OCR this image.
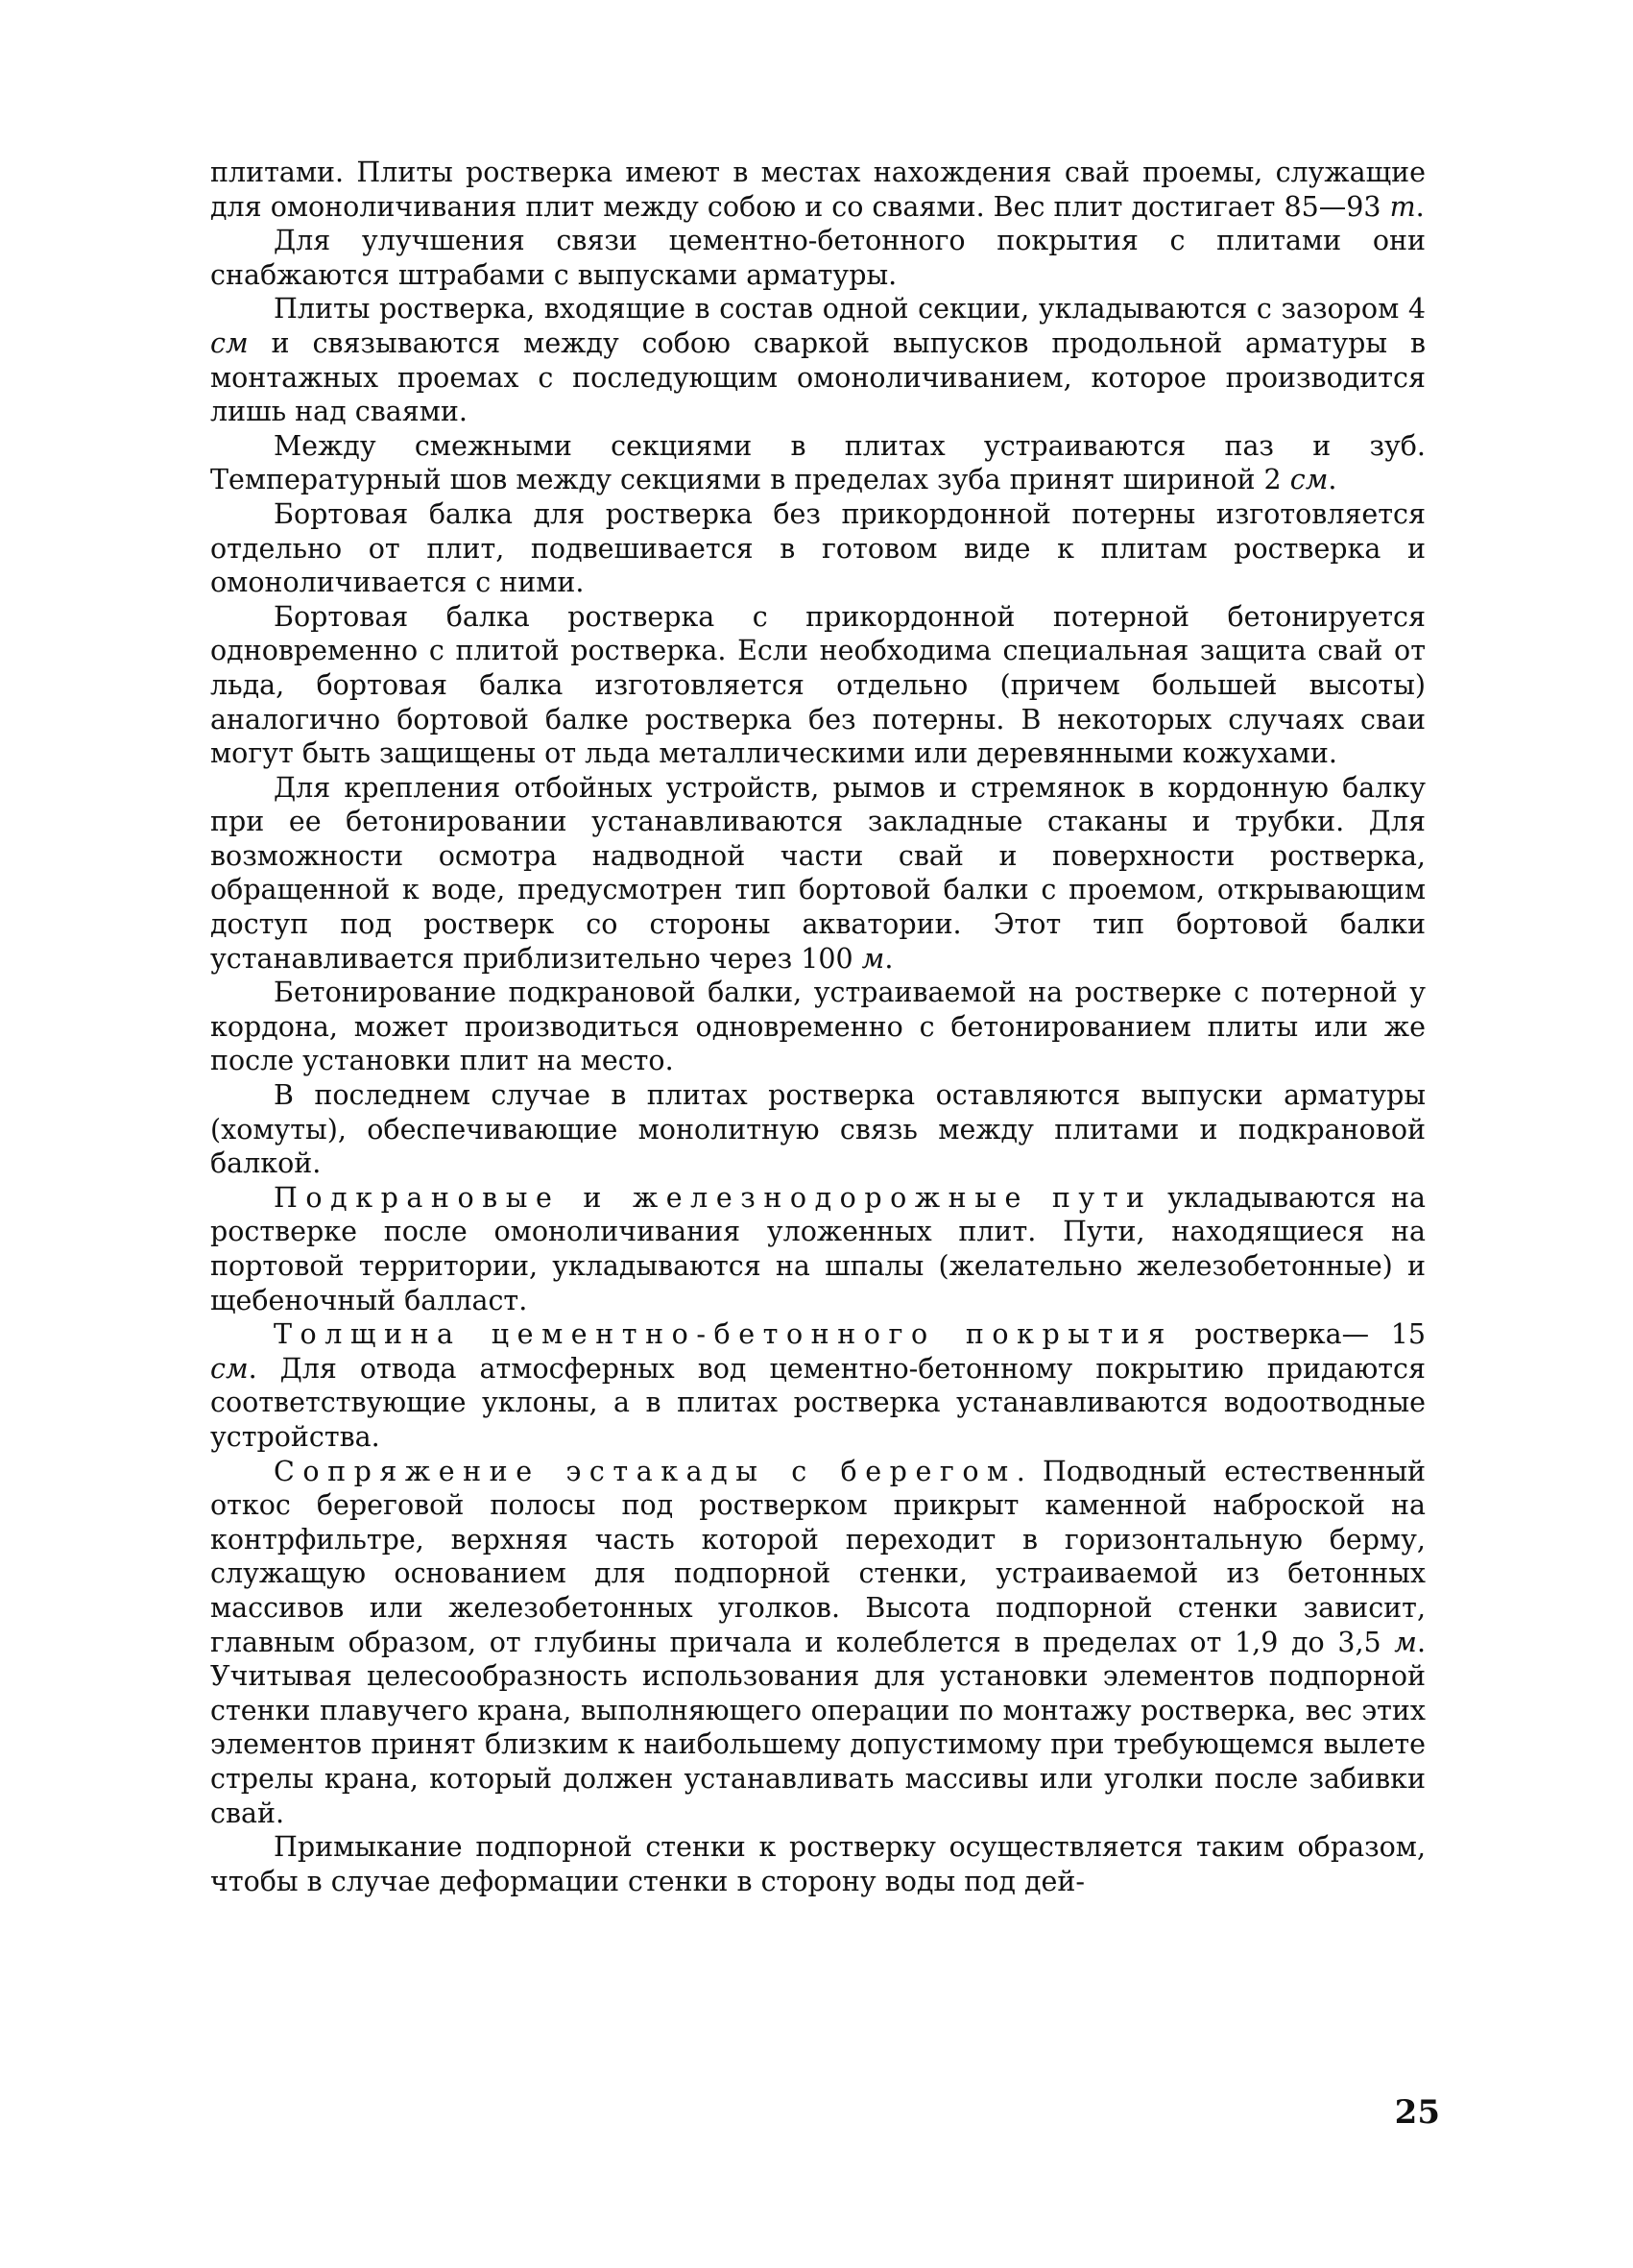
плитами. Плиты ростверка имеют в местах нахождения свай проемы, служащие для омоноличивания плит между собою и со сваями. Вес плит достигает 85—93 т.

Для улучшения связи цементно-бетонного покрытия с плитами они снабжаются штрабами с выпусками арматуры.

Плиты ростверка, входящие в состав одной секции, укладываются с зазором 4 см и связываются между собою сваркой выпусков продольной арматуры в монтажных проемах с последующим омоноличиванием, которое производится лишь над сваями.

Между смежными секциями в плитах устраиваются паз и зуб. Температурный шов между секциями в пределах зуба принят шириной 2 см.

Бортовая балка для ростверка без прикордонной потерны изготовляется отдельно от плит, подвешивается в готовом виде к плитам ростверка и омоноличивается с ними.

Бортовая балка ростверка с прикордонной потерной бетонируется одновременно с плитой ростверка. Если необходима специальная защита свай от льда, бортовая балка изготовляется отдельно (причем большей высоты) аналогично бортовой балке ростверка без потерны. В некоторых случаях сваи могут быть защищены от льда металлическими или деревянными кожухами.

Для крепления отбойных устройств, рымов и стремянок в кордонную балку при ее бетонировании устанавливаются закладные стаканы и трубки. Для возможности осмотра надводной части свай и поверхности ростверка, обращенной к воде, предусмотрен тип бортовой балки с проемом, открывающим доступ под ростверк со стороны акватории. Этот тип бортовой балки устанавливается приблизительно через 100 м.

Бетонирование подкрановой балки, устраиваемой на ростверке с потерной у кордона, может производиться одновременно с бетонированием плиты или же после установки плит на место.

В последнем случае в плитах ростверка оставляются выпуски арматуры (хомуты), обеспечивающие монолитную связь между плитами и подкрановой балкой.

Подкрановые и железнодорожные пути укладываются на ростверке после омоноличивания уложенных плит. Пути, находящиеся на портовой территории, укладываются на шпалы (желательно железобетонные) и щебеночный балласт.

Толщина цементно-бетонного покрытия ростверка— 15 см. Для отвода атмосферных вод цементно-бетонному покрытию придаются соответствующие уклоны, а в плитах ростверка устанавливаются водоотводные устройства.

Сопряжение эстакады с берегом. Подводный естественный откос береговой полосы под ростверком прикрыт каменной наброской на контрфильтре, верхняя часть которой переходит в горизонтальную берму, служащую основанием для подпорной стенки, устраиваемой из бетонных массивов или железобетонных уголков. Высота подпорной стенки зависит, главным образом, от глубины причала и колеблется в пределах от 1,9 до 3,5 м. Учитывая целесообразность использования для установки элементов подпорной стенки плавучего крана, выполняющего операции по монтажу ростверка, вес этих элементов принят близким к наибольшему допустимому при требующемся вылете стрелы крана, который должен устанавливать массивы или уголки после забивки свай.

Примыкание подпорной стенки к ростверку осуществляется таким образом, чтобы в случае деформации стенки в сторону воды под дей-

25
